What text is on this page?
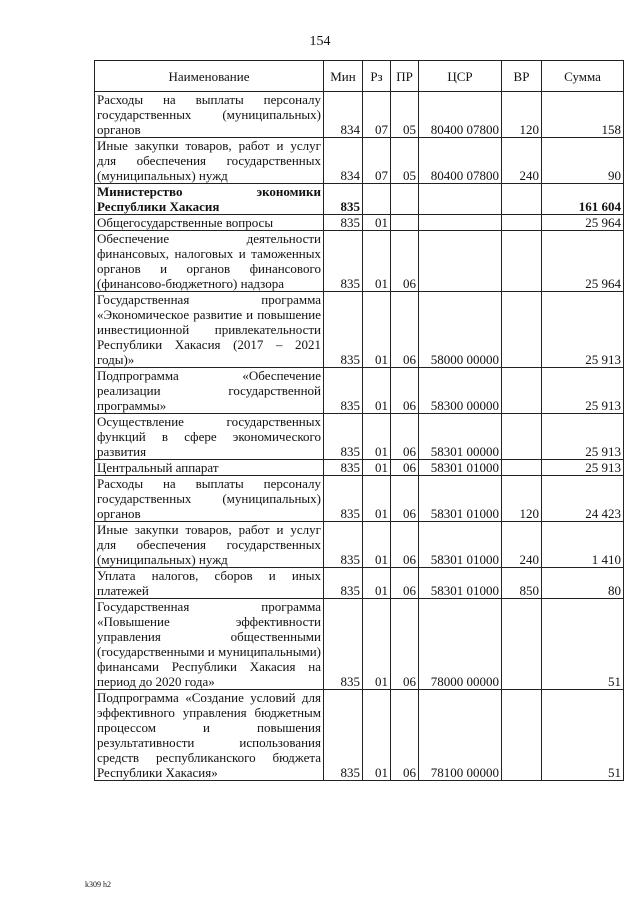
154
Наименование	Мин	Рз	ПР	ЦСР	ВР	Сумма
Расходы на выплаты персоналу государственных (муниципальных) органов	834	07	05	80400 07800	120	158
Иные закупки товаров, работ и услуг для обеспечения государственных (муниципальных) нужд	834	07	05	80400 07800	240	90
Министерство экономики Республики Хакасия	835					161 604
Общегосударственные вопросы	835	01				25 964
Обеспечение деятельности финансовых, налоговых и таможенных органов и органов финансового (финансово-бюджетного) надзора	835	01	06			25 964
Государственная программа «Экономическое развитие и повышение инвестиционной привлекательности Республики Хакасия (2017 – 2021 годы)»	835	01	06	58000 00000		25 913
Подпрограмма «Обеспечение реализации государственной программы»	835	01	06	58300 00000		25 913
Осуществление государственных функций в сфере экономического развития	835	01	06	58301 00000		25 913
Центральный аппарат	835	01	06	58301 01000		25 913
Расходы на выплаты персоналу государственных (муниципальных) органов	835	01	06	58301 01000	120	24 423
Иные закупки товаров, работ и услуг для обеспечения государственных (муниципальных) нужд	835	01	06	58301 01000	240	1 410
Уплата налогов, сборов и иных платежей	835	01	06	58301 01000	850	80
Государственная программа «Повышение эффективности управления общественными (государственными и муниципальными) финансами Республики Хакасия на период до 2020 года»	835	01	06	78000 00000		51
Подпрограмма «Создание условий для эффективного управления бюджетным процессом и повышения результативности использования средств республиканского бюджета Республики Хакасия»	835	01	06	78100 00000		51
k309 h2
